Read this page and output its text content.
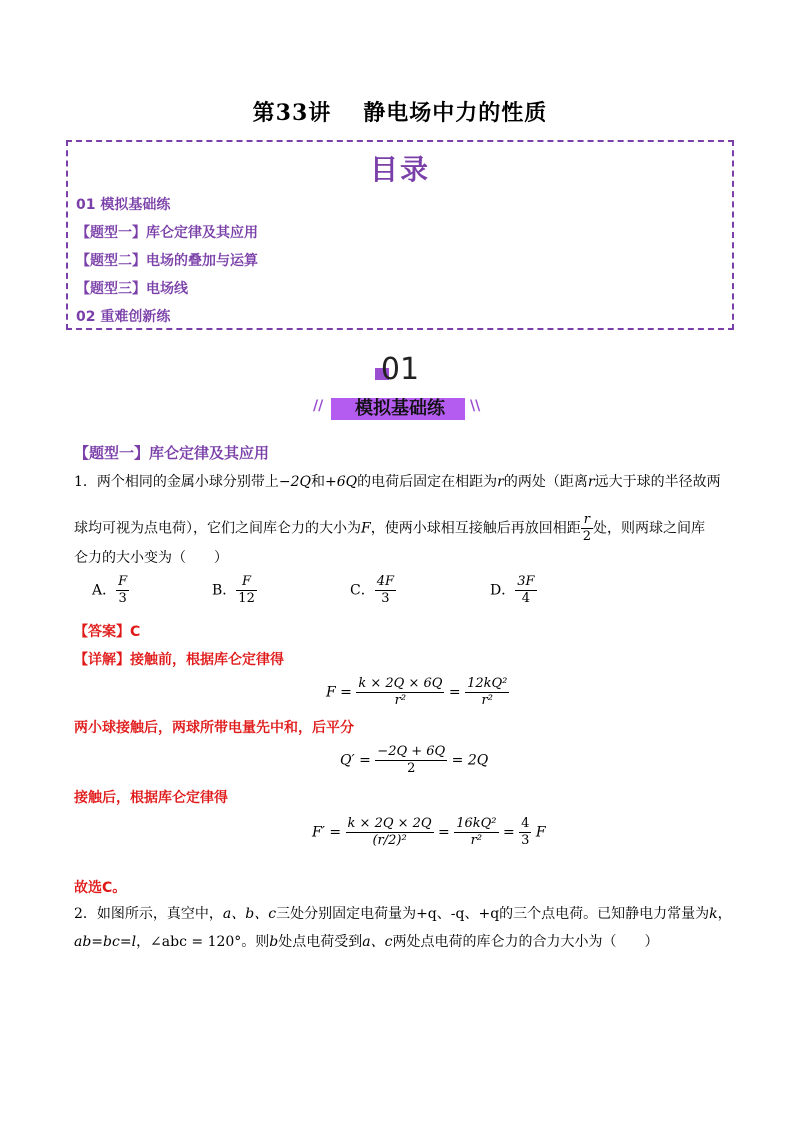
第33讲 静电场中力的性质
目录
01 模拟基础练
【题型一】库仑定律及其应用
【题型二】电场的叠加与运算
【题型三】电场线
02 重难创新练
01
//	\\
模拟基础练
【题型一】库仑定律及其应用
1．两个相同的金属小球分别带上−2Q和+6Q的电荷后固定在相距为r的两处（距离r远大于球的半径故两
球均可视为点电荷），它们之间库仑力的大小为F，使两小球相互接触后再放回相距 $\frac{r}{2}$ 处，则两球之间库
仑力的大小变为（　　）
A． $\frac{F}{3}$	B． $\frac{F}{12}$	C． $\frac{4F}{3}$	D． $\frac{3F}{4}$
【答案】C
【详解】接触前，根据库仑定律得
$F = \frac{k \times 2Q \times 6Q}{\text{r²}} = \frac{\text{12kQ²}}{\text{r²}}$
两小球接触后，两球所带电量先中和，后平分
$Q' = \frac{-2Q + 6Q}{2} = 2Q$
接触后，根据库仑定律得
$F' = \frac{k \times 2Q \times 2Q}{\text{(r/2)²}} = \frac{\text{16kQ²}}{\text{r²}} = \frac{4}{3}$ F
故选C。
2．如图所示，真空中，a、b、c三处分别固定电荷量为+q、-q、+q的三个点电荷。已知静电力常量为k，
ab=bc=l，∠abc = 120°。则b处点电荷受到a、c两处点电荷的库仑力的合力大小为（　　）
